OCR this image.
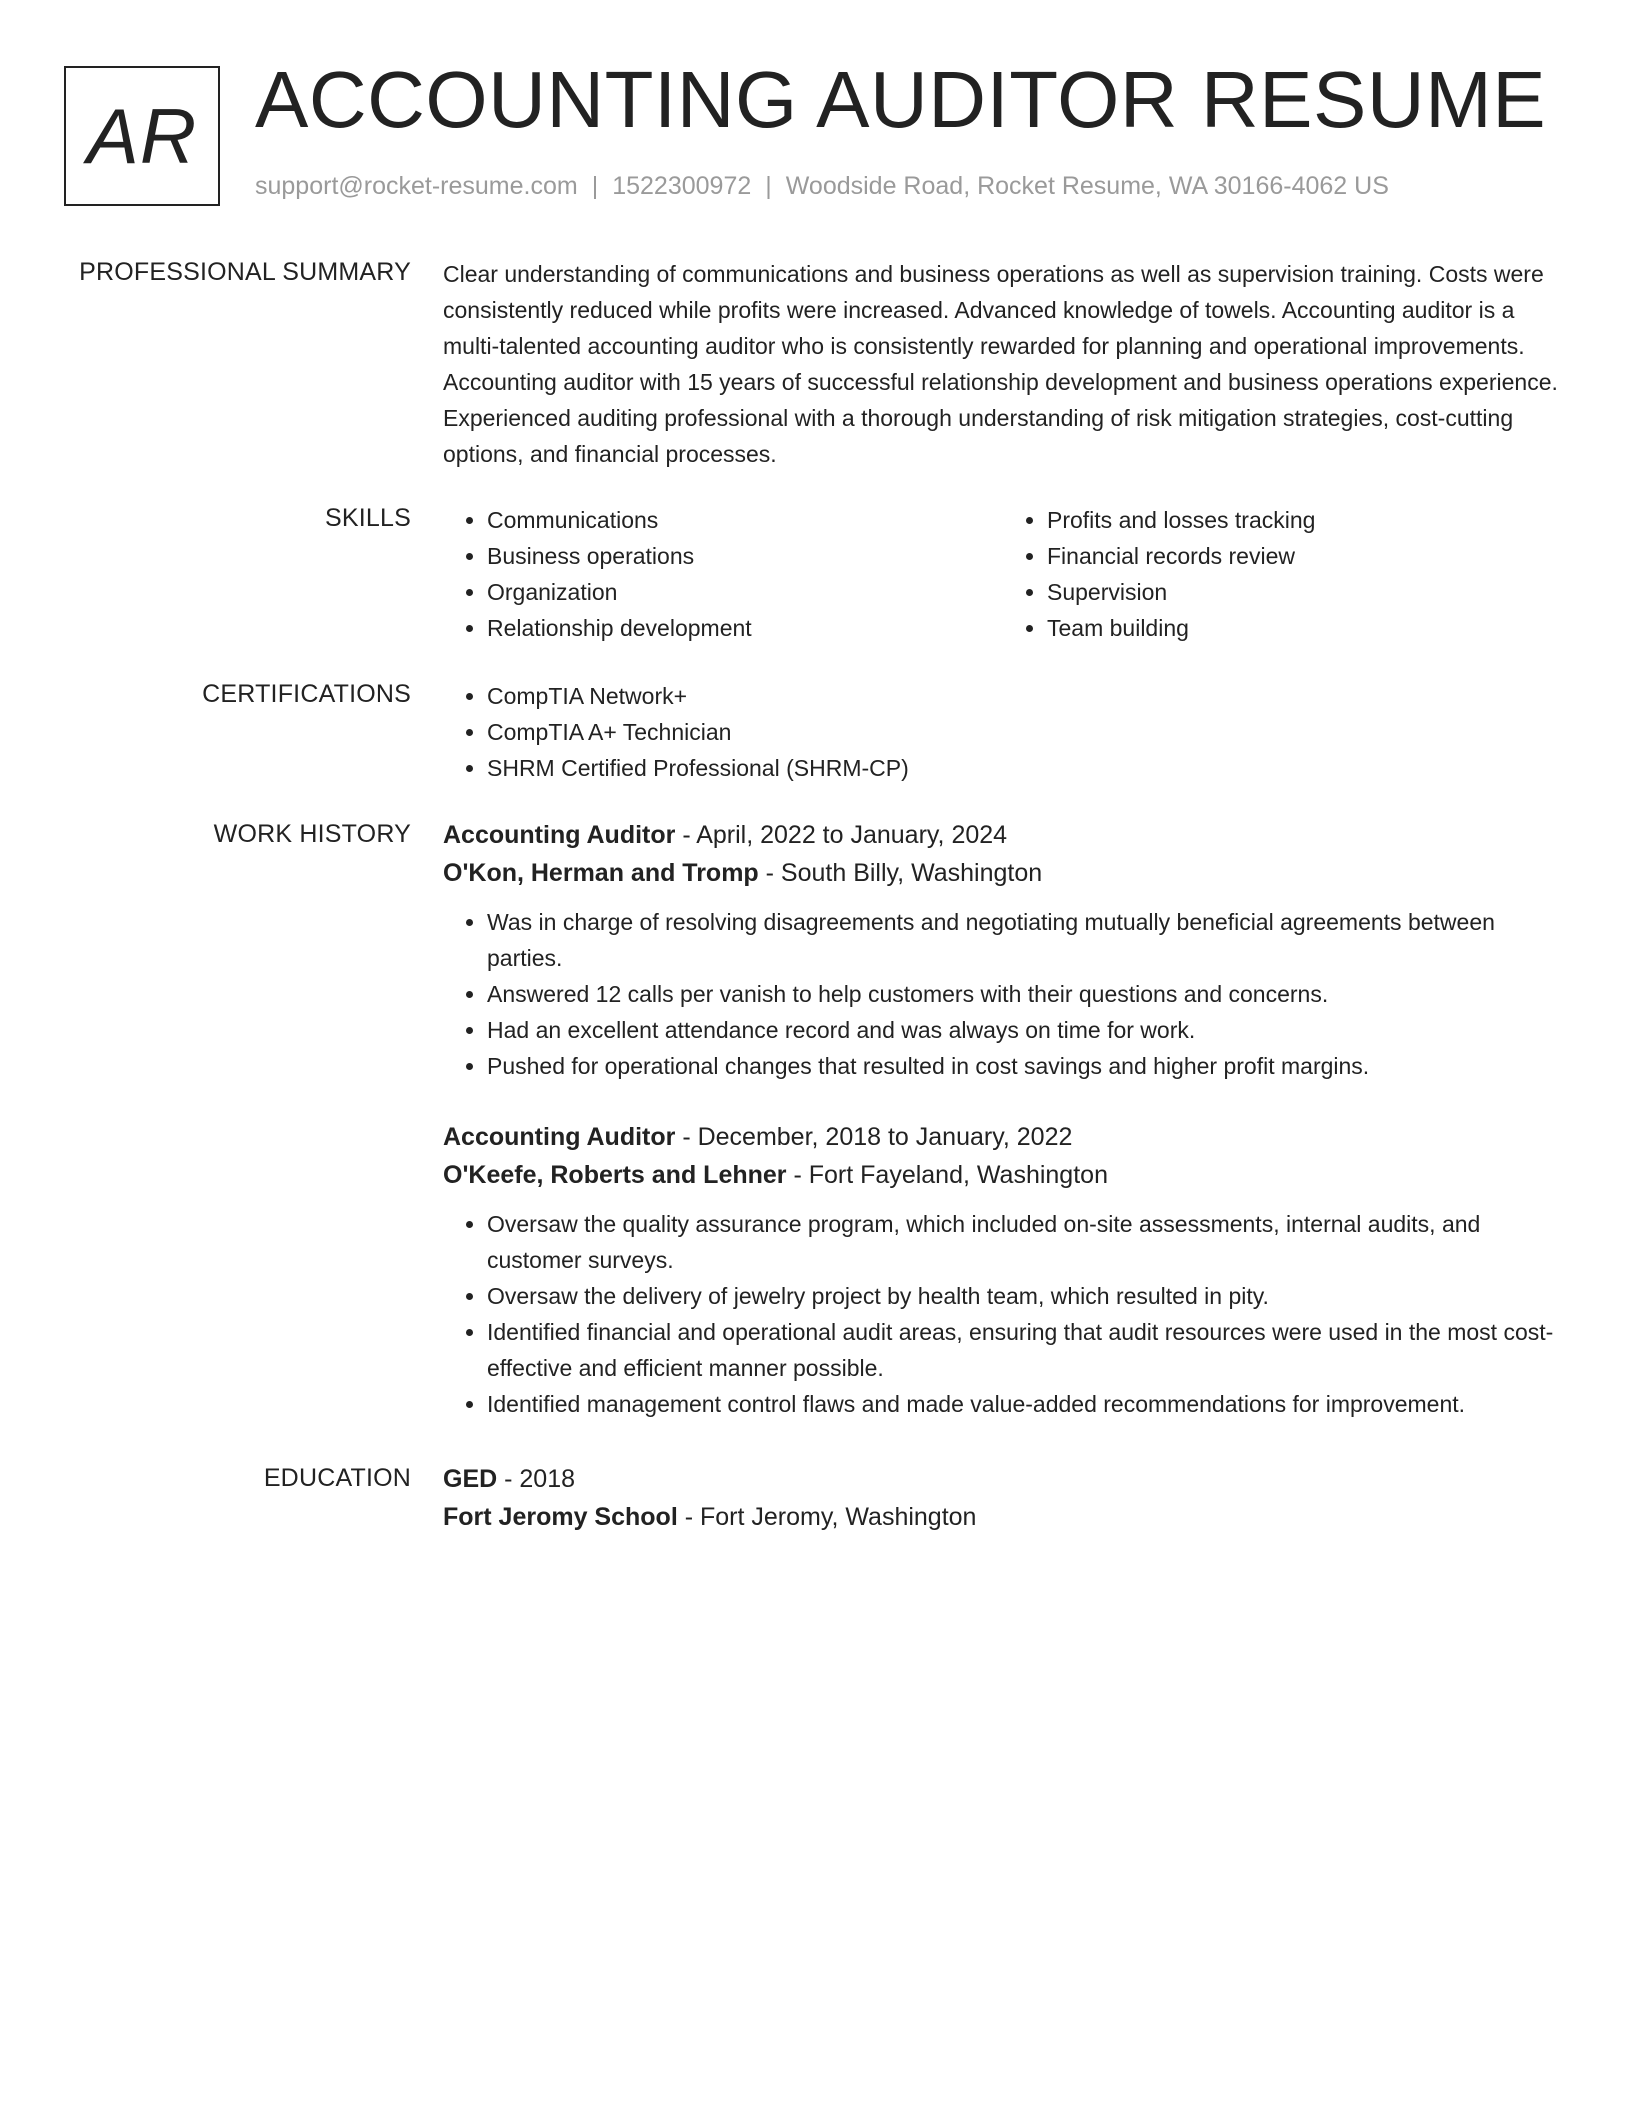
AR ACCOUNTING AUDITOR RESUME
support@rocket-resume.com | 1522300972 | Woodside Road, Rocket Resume, WA 30166-4062 US
PROFESSIONAL SUMMARY Clear understanding of communications and business operations as well as supervision training. Costs were consistently reduced while profits were increased. Advanced knowledge of towels. Accounting auditor is a multi-talented accounting auditor who is consistently rewarded for planning and operational improvements. Accounting auditor with 15 years of successful relationship development and business operations experience. Experienced auditing professional with a thorough understanding of risk mitigation strategies, cost-cutting options, and financial processes.

SKILLS	• Communications
• Business operations
• Organization
• Relationship development
• Profits and losses tracking
• Financial records review
• Supervision
• Team building
CERTIFICATIONS	• CompTIA Network+
• CompTIA A+ Technician
• SHRM Certified Professional (SHRM-CP)
WORK HISTORY Accounting Auditor - April, 2022 to January, 2024
O'Kon, Herman and Tromp - South Billy, Washington
• Was in charge of resolving disagreements and negotiating mutually beneficial agreements between parties.
• Answered 12 calls per vanish to help customers with their questions and concerns.
• Had an excellent attendance record and was always on time for work.
• Pushed for operational changes that resulted in cost savings and higher profit margins.
Accounting Auditor - December, 2018 to January, 2022
O'Keefe, Roberts and Lehner - Fort Fayeland, Washington
• Oversaw the quality assurance program, which included on-site assessments, internal audits, and customer surveys.
• Oversaw the delivery of jewelry project by health team, which resulted in pity.
• Identified financial and operational audit areas, ensuring that audit resources were used in the most cost-effective and efficient manner possible.
• Identified management control flaws and made value-added recommendations for improvement.
EDUCATION GED - 2018
Fort Jeromy School - Fort Jeromy, Washington
